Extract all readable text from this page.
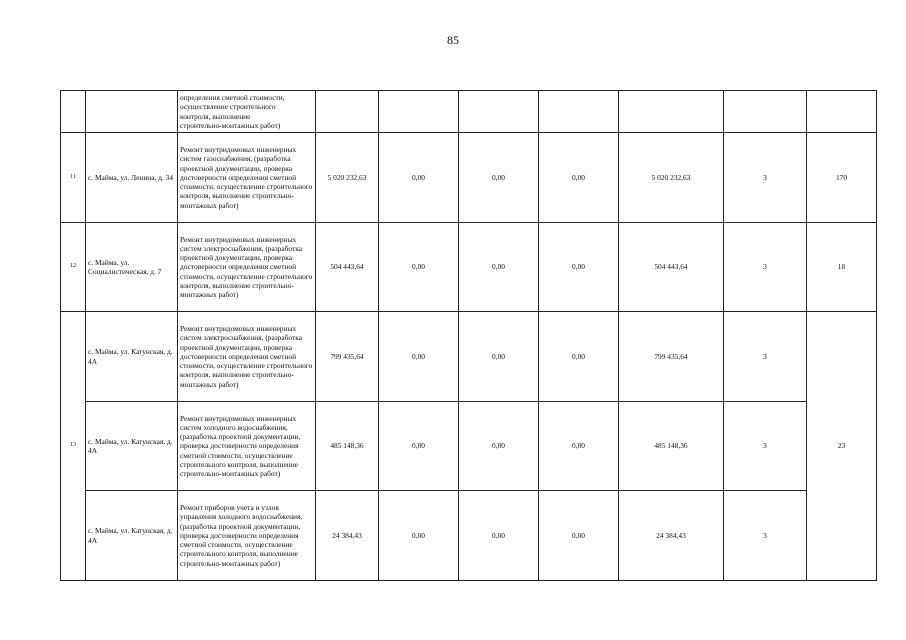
85

		определения сметной стоимости,
осуществление строительного
контроля, выполнение
строительно-монтажных работ)							

11	с. Майма, ул. Ленина, д. 34	Ремонт внутридомовых инженерных систем газоснабжения, (разработка проектной документации, проверка достоверности определения сметной стоимости, осуществление строительного контроля, выполнение строительно-монтажных работ)	5 020 232,63	0,00	0,00	0,00	5 020 232,63	3	170
12	с. Майма, ул. Социалистическая, д. 7	Ремонт внутридомовых инженерных систем электроснабжения, (разработка проектной документации, проверка достоверности определения сметной стоимости, осуществление строительного контроля, выполнение строительно-монтажных работ)	504 443,64	0,00	0,00	0,00	504 443,64	3	18
13	с. Майма, ул. Катунская, д. 4А	Ремонт внутридомовых инженерных систем электроснабжения, (разработка проектной документации, проверка достоверности определения сметной стоимости, осуществление строительного контроля, выполнение строительно-монтажных работ)	799 435,64	0,00	0,00	0,00	799 435,64	3	23
	с. Майма, ул. Катунская, д. 4А	Ремонт внутридомовых инженерных систем холодного водоснабжения, (разработка проектной документации, проверка достоверности определения сметной стоимости, осуществление строительного контроля, выполнение строительно-монтажных работ)	485 148,36	0,00	0,00	0,00	485 148,36	3	
	с. Майма, ул. Катунская, д. 4А	Ремонт приборов учета и узлов управления холодного водоснабжения, (разработка проектной документации, проверка достоверности определения сметной стоимости, осуществление строительного контроля, выполнение строительно-монтажных работ)	24 384,43	0,00	0,00	0,00	24 384,43	3	
